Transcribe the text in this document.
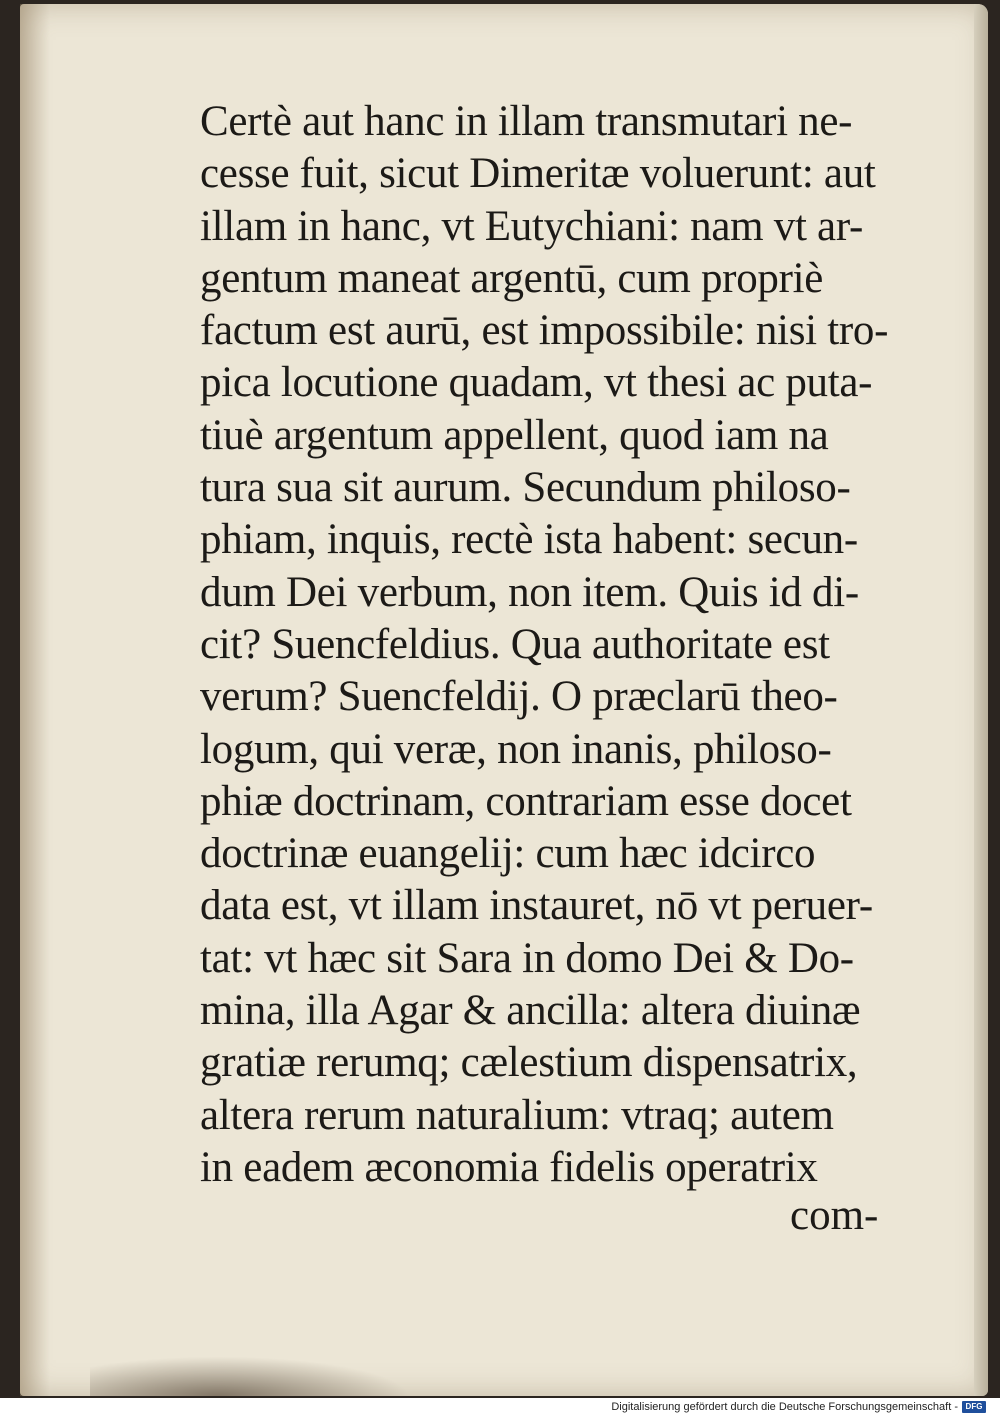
Certè aut hanc in illam transmutari ne-
cesse fuit, sicut Dimeritæ voluerunt: aut
illam in hanc, vt Eutychiani: nam vt ar-
gentum maneat argentū, cum propriè
factum est aurū, est impossibile: nisi tro-
pica locutione quadam, vt thesi ac puta-
tiuè argentum appellent, quod iam na
tura sua sit aurum. Secundum philoso-
phiam, inquis, rectè ista habent: secun-
dum Dei verbum, non item. Quis id di-
cit? Suencfeldius. Qua authoritate est
verum? Suencfeldij. O præclarū theo-
logum, qui veræ, non inanis, philoso-
phiæ doctrinam, contrariam esse docet
doctrinæ euangelij: cum hæc idcirco
data est, vt illam instauret, nō vt peruer-
tat: vt hæc sit Sara in domo Dei & Do-
mina, illa Agar & ancilla: altera diuinæ
gratiæ rerumq; cælestium dispensatrix,
altera rerum naturalium: vtraq; autem
in eadem æconomia fidelis operatrix
com-
Digitalisierung gefördert durch die Deutsche Forschungsgemeinschaft - DFG
